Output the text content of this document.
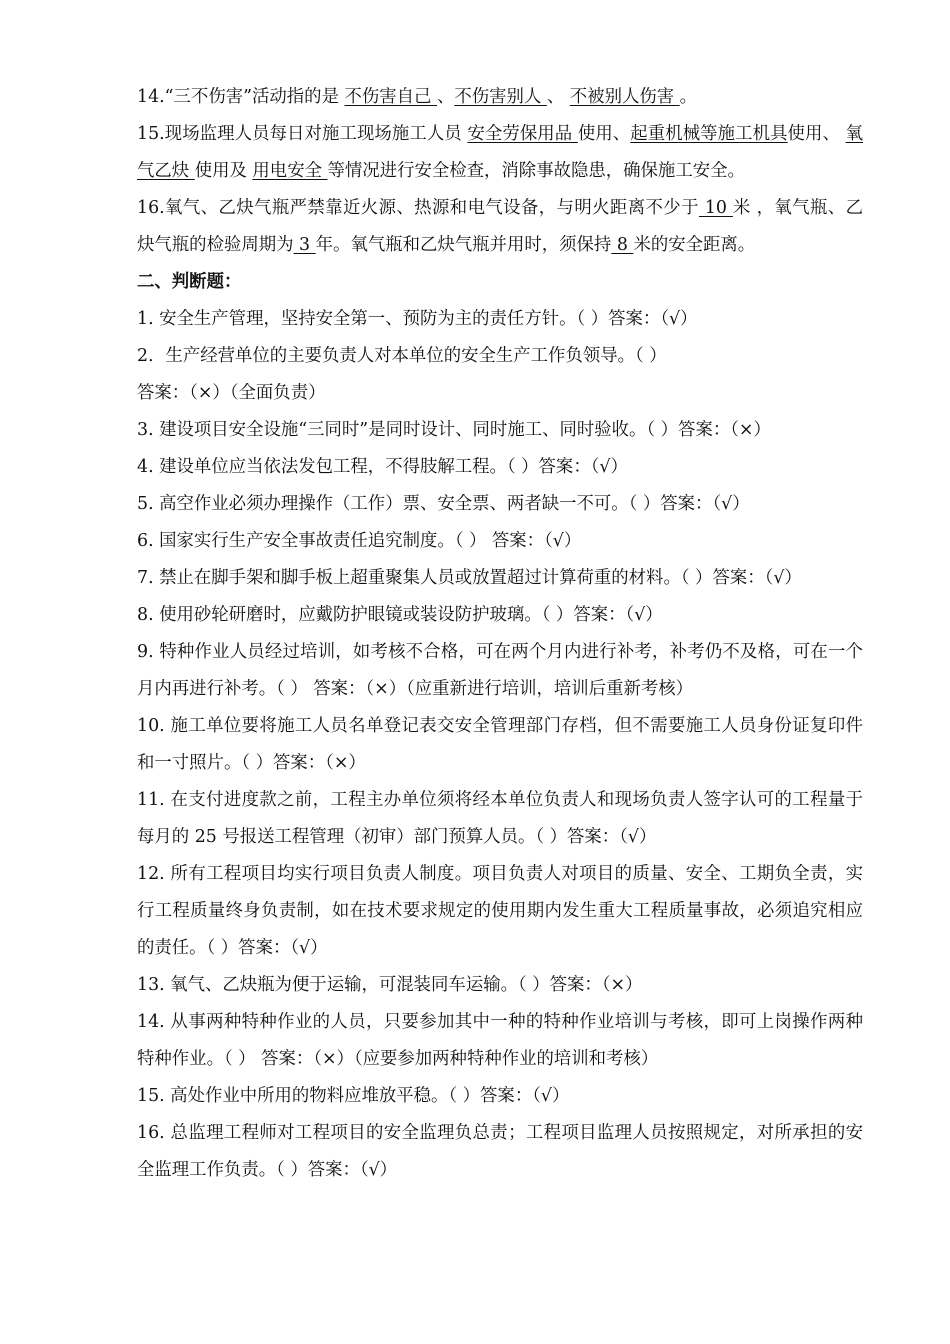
14.“三不伤害”活动指的是 不伤害自己 、不伤害别人 、 不被别人伤害 。
15.现场监理人员每日对施工现场施工人员 安全劳保用品 使用、起重机械等施工机具使用、 氧气乙炔 使用及 用电安全 等情况进行安全检查，消除事故隐患，确保施工安全。
16.氧气、乙炔气瓶严禁靠近火源、热源和电气设备，与明火距离不少于 10 米 ，氧气瓶、乙炔气瓶的检验周期为 3 年。氧气瓶和乙炔气瓶并用时，须保持 8 米的安全距离。
二、判断题：
1. 安全生产管理，坚持安全第一、预防为主的责任方针。（ ）答案：（√）
2．生产经营单位的主要负责人对本单位的安全生产工作负领导。（ ）
答案：（×）（全面负责）
3. 建设项目安全设施“三同时”是同时设计、同时施工、同时验收。（ ）答案：（×）
4. 建设单位应当依法发包工程，不得肢解工程。（ ）答案：（√）
5. 高空作业必须办理操作（工作）票、安全票、两者缺一不可。（ ）答案：（√）
6. 国家实行生产安全事故责任追究制度。（ ） 答案：（√）
7. 禁止在脚手架和脚手板上超重聚集人员或放置超过计算荷重的材料。（ ）答案：（√）
8. 使用砂轮研磨时，应戴防护眼镜或装设防护玻璃。（ ）答案：（√）
9. 特种作业人员经过培训，如考核不合格，可在两个月内进行补考，补考仍不及格，可在一个月内再进行补考。（ ） 答案：（×）（应重新进行培训，培训后重新考核）
10. 施工单位要将施工人员名单登记表交安全管理部门存档，但不需要施工人员身份证复印件和一寸照片。（ ）答案：（×）
11. 在支付进度款之前，工程主办单位须将经本单位负责人和现场负责人签字认可的工程量于每月的 25 号报送工程管理（初审）部门预算人员。（ ）答案：（√）
12. 所有工程项目均实行项目负责人制度。项目负责人对项目的质量、安全、工期负全责，实行工程质量终身负责制，如在技术要求规定的使用期内发生重大工程质量事故，必须追究相应的责任。（ ）答案：（√）
13. 氧气、乙炔瓶为便于运输，可混装同车运输。（ ）答案：（×）
14. 从事两种特种作业的人员，只要参加其中一种的特种作业培训与考核，即可上岗操作两种特种作业。（ ） 答案：（×）（应要参加两种特种作业的培训和考核）
15. 高处作业中所用的物料应堆放平稳。（ ）答案：（√）
16. 总监理工程师对工程项目的安全监理负总责；工程项目监理人员按照规定，对所承担的安全监理工作负责。（ ）答案：（√）
